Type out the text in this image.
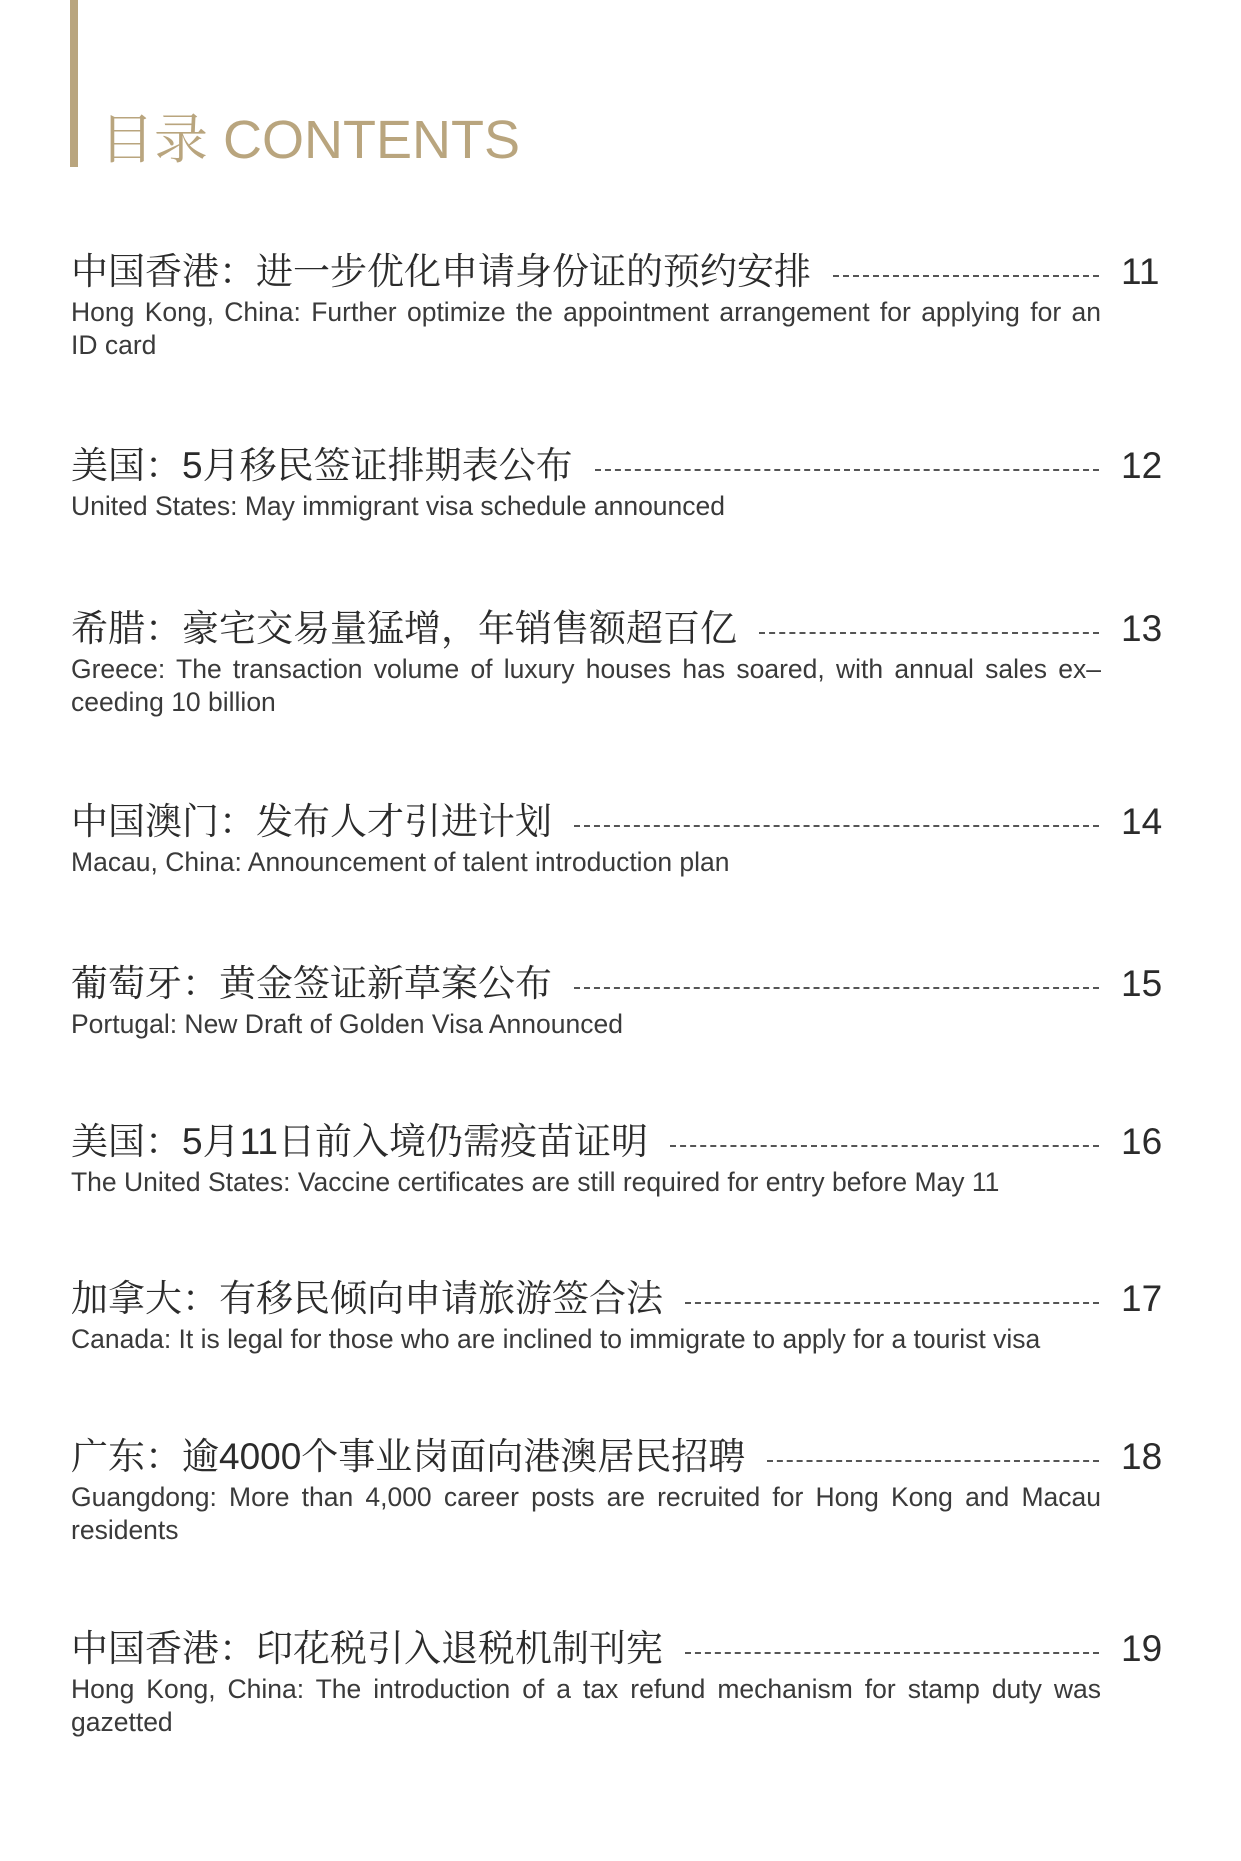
目录 CONTENTS
中国香港：进一步优化申请身份证的预约安排	11
Hong Kong, China: Further optimize the appointment arrangement for applying for an ID card
美国：5月移民签证排期表公布	12
United States: May immigrant visa schedule announced
希腊：豪宅交易量猛增，年销售额超百亿	13
Greece: The transaction volume of luxury houses has soared, with annual sales ex–ceeding 10 billion
中国澳门：发布人才引进计划	14
Macau, China: Announcement of talent introduction plan
葡萄牙：黄金签证新草案公布	15
Portugal: New Draft of Golden Visa Announced
美国：5月11日前入境仍需疫苗证明	16
The United States: Vaccine certificates are still required for entry before May 11
加拿大：有移民倾向申请旅游签合法	17
Canada: It is legal for those who are inclined to immigrate to apply for a tourist visa
广东：逾4000个事业岗面向港澳居民招聘	18
Guangdong: More than 4,000 career posts are recruited for Hong Kong and Macau residents
中国香港：印花税引入退税机制刊宪	19
Hong Kong, China: The introduction of a tax refund mechanism for stamp duty was gazetted
